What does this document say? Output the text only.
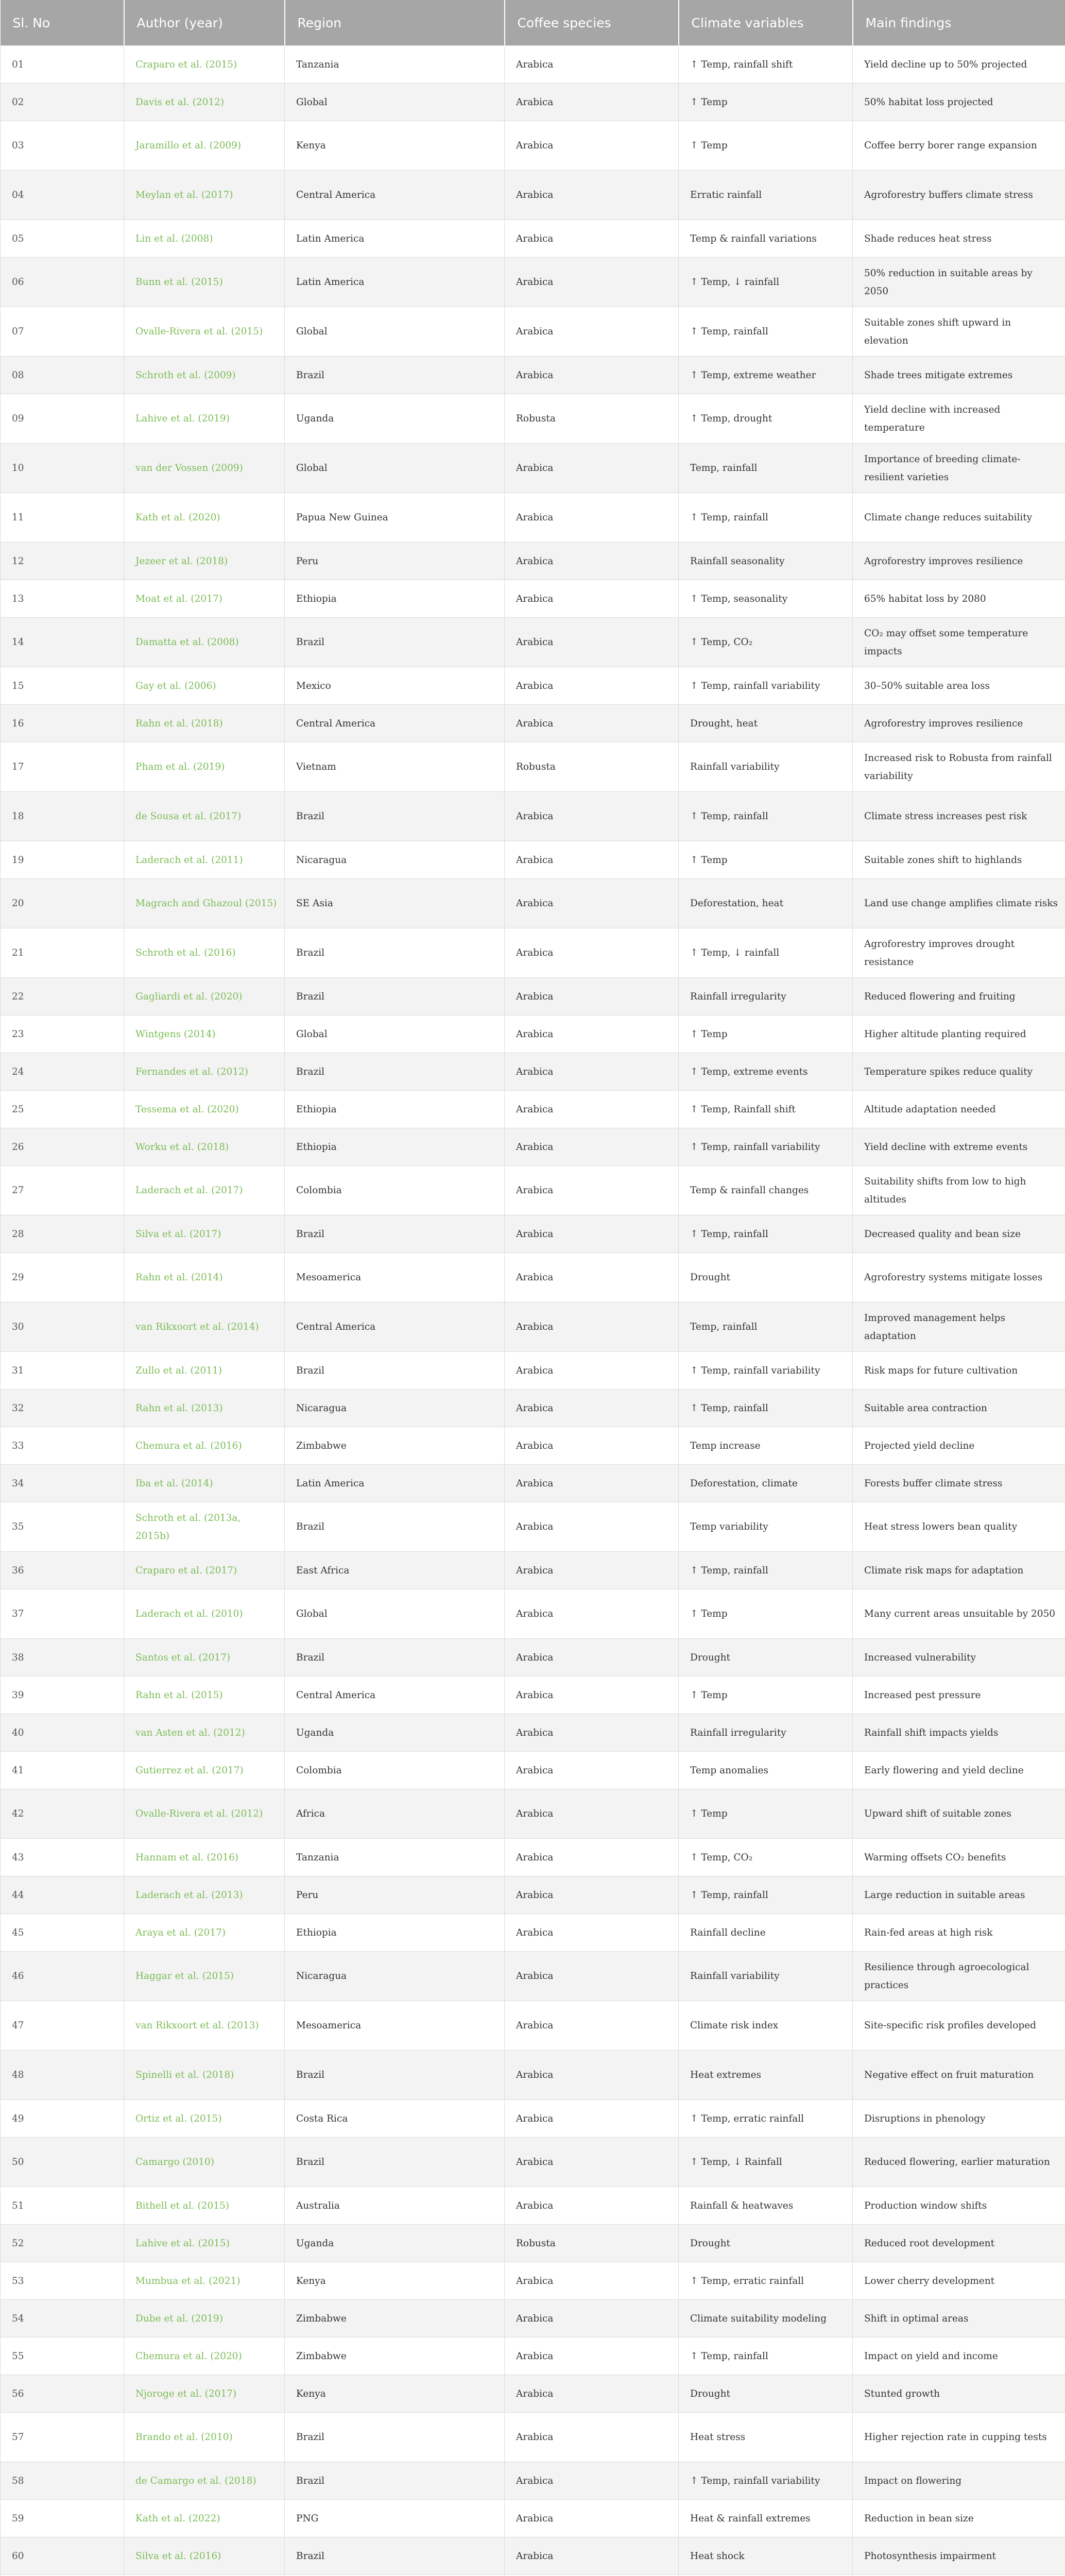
Sl. No	Author (year)	Region	Coffee species	Climate variables	Main findings
01	Craparo et al. (2015)	Tanzania	Arabica	↑ Temp, rainfall shift	Yield decline up to 50% projected
02	Davis et al. (2012)	Global	Arabica	↑ Temp	50% habitat loss projected
03	Jaramillo et al. (2009)	Kenya	Arabica	↑ Temp	Coffee berry borer range expansion
04	Meylan et al. (2017)	Central America	Arabica	Erratic rainfall	Agroforestry buffers climate stress
05	Lin et al. (2008)	Latin America	Arabica	Temp & rainfall variations	Shade reduces heat stress
06	Bunn et al. (2015)	Latin America	Arabica	↑ Temp, ↓ rainfall	50% reduction in suitable areas by 2050
07	Ovalle-Rivera et al. (2015)	Global	Arabica	↑ Temp, rainfall	Suitable zones shift upward in elevation
08	Schroth et al. (2009)	Brazil	Arabica	↑ Temp, extreme weather	Shade trees mitigate extremes
09	Lahive et al. (2019)	Uganda	Robusta	↑ Temp, drought	Yield decline with increased temperature
10	van der Vossen (2009)	Global	Arabica	Temp, rainfall	Importance of breeding climate-resilient varieties
11	Kath et al. (2020)	Papua New Guinea	Arabica	↑ Temp, rainfall	Climate change reduces suitability
12	Jezeer et al. (2018)	Peru	Arabica	Rainfall seasonality	Agroforestry improves resilience
13	Moat et al. (2017)	Ethiopia	Arabica	↑ Temp, seasonality	65% habitat loss by 2080
14	Damatta et al. (2008)	Brazil	Arabica	↑ Temp, CO₂	CO₂ may offset some temperature impacts
15	Gay et al. (2006)	Mexico	Arabica	↑ Temp, rainfall variability	30–50% suitable area loss
16	Rahn et al. (2018)	Central America	Arabica	Drought, heat	Agroforestry improves resilience
17	Pham et al. (2019)	Vietnam	Robusta	Rainfall variability	Increased risk to Robusta from rainfall variability
18	de Sousa et al. (2017)	Brazil	Arabica	↑ Temp, rainfall	Climate stress increases pest risk
19	Laderach et al. (2011)	Nicaragua	Arabica	↑ Temp	Suitable zones shift to highlands
20	Magrach and Ghazoul (2015)	SE Asia	Arabica	Deforestation, heat	Land use change amplifies climate risks
21	Schroth et al. (2016)	Brazil	Arabica	↑ Temp, ↓ rainfall	Agroforestry improves drought resistance
22	Gagliardi et al. (2020)	Brazil	Arabica	Rainfall irregularity	Reduced flowering and fruiting
23	Wintgens (2014)	Global	Arabica	↑ Temp	Higher altitude planting required
24	Fernandes et al. (2012)	Brazil	Arabica	↑ Temp, extreme events	Temperature spikes reduce quality
25	Tessema et al. (2020)	Ethiopia	Arabica	↑ Temp, Rainfall shift	Altitude adaptation needed
26	Worku et al. (2018)	Ethiopia	Arabica	↑ Temp, rainfall variability	Yield decline with extreme events
27	Laderach et al. (2017)	Colombia	Arabica	Temp & rainfall changes	Suitability shifts from low to high altitudes
28	Silva et al. (2017)	Brazil	Arabica	↑ Temp, rainfall	Decreased quality and bean size
29	Rahn et al. (2014)	Mesoamerica	Arabica	Drought	Agroforestry systems mitigate losses
30	van Rikxoort et al. (2014)	Central America	Arabica	Temp, rainfall	Improved management helps adaptation
31	Zullo et al. (2011)	Brazil	Arabica	↑ Temp, rainfall variability	Risk maps for future cultivation
32	Rahn et al. (2013)	Nicaragua	Arabica	↑ Temp, rainfall	Suitable area contraction
33	Chemura et al. (2016)	Zimbabwe	Arabica	Temp increase	Projected yield decline
34	Iba et al. (2014)	Latin America	Arabica	Deforestation, climate	Forests buffer climate stress
35	Schroth et al. (2013a, 2015b)	Brazil	Arabica	Temp variability	Heat stress lowers bean quality
36	Craparo et al. (2017)	East Africa	Arabica	↑ Temp, rainfall	Climate risk maps for adaptation
37	Laderach et al. (2010)	Global	Arabica	↑ Temp	Many current areas unsuitable by 2050
38	Santos et al. (2017)	Brazil	Arabica	Drought	Increased vulnerability
39	Rahn et al. (2015)	Central America	Arabica	↑ Temp	Increased pest pressure
40	van Asten et al. (2012)	Uganda	Arabica	Rainfall irregularity	Rainfall shift impacts yields
41	Gutierrez et al. (2017)	Colombia	Arabica	Temp anomalies	Early flowering and yield decline
42	Ovalle-Rivera et al. (2012)	Africa	Arabica	↑ Temp	Upward shift of suitable zones
43	Hannam et al. (2016)	Tanzania	Arabica	↑ Temp, CO₂	Warming offsets CO₂ benefits
44	Laderach et al. (2013)	Peru	Arabica	↑ Temp, rainfall	Large reduction in suitable areas
45	Araya et al. (2017)	Ethiopia	Arabica	Rainfall decline	Rain-fed areas at high risk
46	Haggar et al. (2015)	Nicaragua	Arabica	Rainfall variability	Resilience through agroecological practices
47	van Rikxoort et al. (2013)	Mesoamerica	Arabica	Climate risk index	Site-specific risk profiles developed
48	Spinelli et al. (2018)	Brazil	Arabica	Heat extremes	Negative effect on fruit maturation
49	Ortiz et al. (2015)	Costa Rica	Arabica	↑ Temp, erratic rainfall	Disruptions in phenology
50	Camargo (2010)	Brazil	Arabica	↑ Temp, ↓ Rainfall	Reduced flowering, earlier maturation
51	Bithell et al. (2015)	Australia	Arabica	Rainfall & heatwaves	Production window shifts
52	Lahive et al. (2015)	Uganda	Robusta	Drought	Reduced root development
53	Mumbua et al. (2021)	Kenya	Arabica	↑ Temp, erratic rainfall	Lower cherry development
54	Dube et al. (2019)	Zimbabwe	Arabica	Climate suitability modeling	Shift in optimal areas
55	Chemura et al. (2020)	Zimbabwe	Arabica	↑ Temp, rainfall	Impact on yield and income
56	Njoroge et al. (2017)	Kenya	Arabica	Drought	Stunted growth
57	Brando et al. (2010)	Brazil	Arabica	Heat stress	Higher rejection rate in cupping tests
58	de Camargo et al. (2018)	Brazil	Arabica	↑ Temp, rainfall variability	Impact on flowering
59	Kath et al. (2022)	PNG	Arabica	Heat & rainfall extremes	Reduction in bean size
60	Silva et al. (2016)	Brazil	Arabica	Heat shock	Photosynthesis impairment
